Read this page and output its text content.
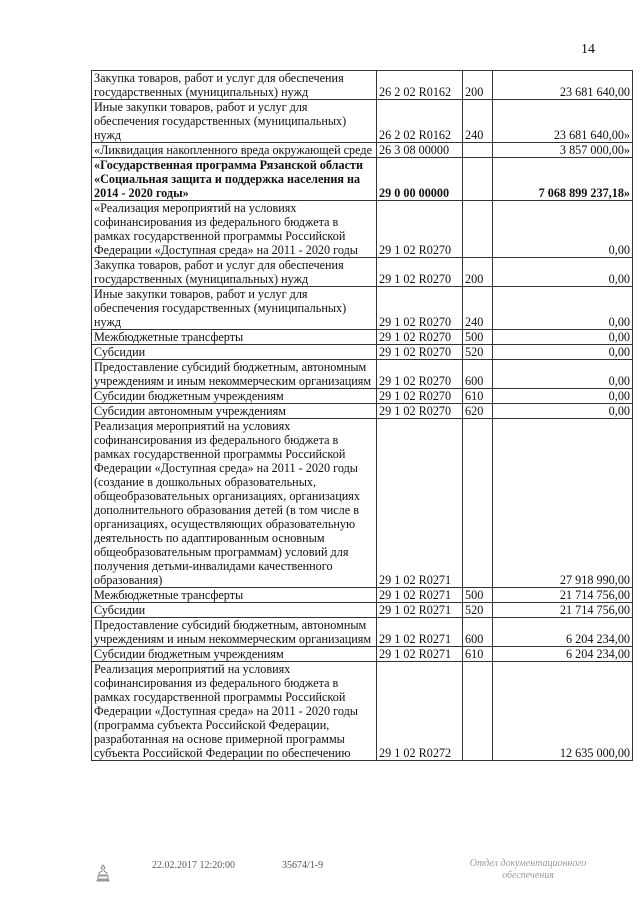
14
Закупка товаров, работ и услуг для обеспечения государственных (муниципальных) нужд	26 2 02 R0162	200	23 681 640,00
Иные закупки товаров, работ и услуг для обеспечения государственных (муниципальных) нужд	26 2 02 R0162	240	23 681 640,00»
«Ликвидация накопленного вреда окружающей среде	26 3 08 00000		3 857 000,00»
«Государственная программа Рязанской области «Социальная защита и поддержка населения на 2014 - 2020 годы»	29 0 00 00000		7 068 899 237,18»
«Реализация мероприятий на условиях софинансирования из федерального бюджета в рамках государственной программы Российской Федерации «Доступная среда» на 2011 - 2020 годы	29 1 02 R0270		0,00
Закупка товаров, работ и услуг для обеспечения государственных (муниципальных) нужд	29 1 02 R0270	200	0,00
Иные закупки товаров, работ и услуг для обеспечения государственных (муниципальных) нужд	29 1 02 R0270	240	0,00
Межбюджетные трансферты	29 1 02 R0270	500	0,00
Субсидии	29 1 02 R0270	520	0,00
Предоставление субсидий бюджетным, автономным учреждениям и иным некоммерческим организациям	29 1 02 R0270	600	0,00
Субсидии бюджетным учреждениям	29 1 02 R0270	610	0,00
Субсидии автономным учреждениям	29 1 02 R0270	620	0,00
Реализация мероприятий на условиях софинансирования из федерального бюджета в рамках государственной программы Российской Федерации «Доступная среда» на 2011 - 2020 годы (создание в дошкольных образовательных, общеобразовательных организациях, организациях дополнительного образования детей (в том числе в организациях, осуществляющих образовательную деятельность по адаптированным основным общеобразовательным программам) условий для получения детьми-инвалидами качественного образования)	29 1 02 R0271		27 918 990,00
Межбюджетные трансферты	29 1 02 R0271	500	21 714 756,00
Субсидии	29 1 02 R0271	520	21 714 756,00
Предоставление субсидий бюджетным, автономным учреждениям и иным некоммерческим организациям	29 1 02 R0271	600	6 204 234,00
Субсидии бюджетным учреждениям	29 1 02 R0271	610	6 204 234,00
Реализация мероприятий на условиях софинансирования из федерального бюджета в рамках государственной программы Российской Федерации «Доступная среда» на 2011 - 2020 годы (программа субъекта Российской Федерации, разработанная на основе примерной программы субъекта Российской Федерации по обеспечению	29 1 02 R0272		12 635 000,00
22.02.2017 12:20:00	35674/1-9	Отдел документационного обеспечения
